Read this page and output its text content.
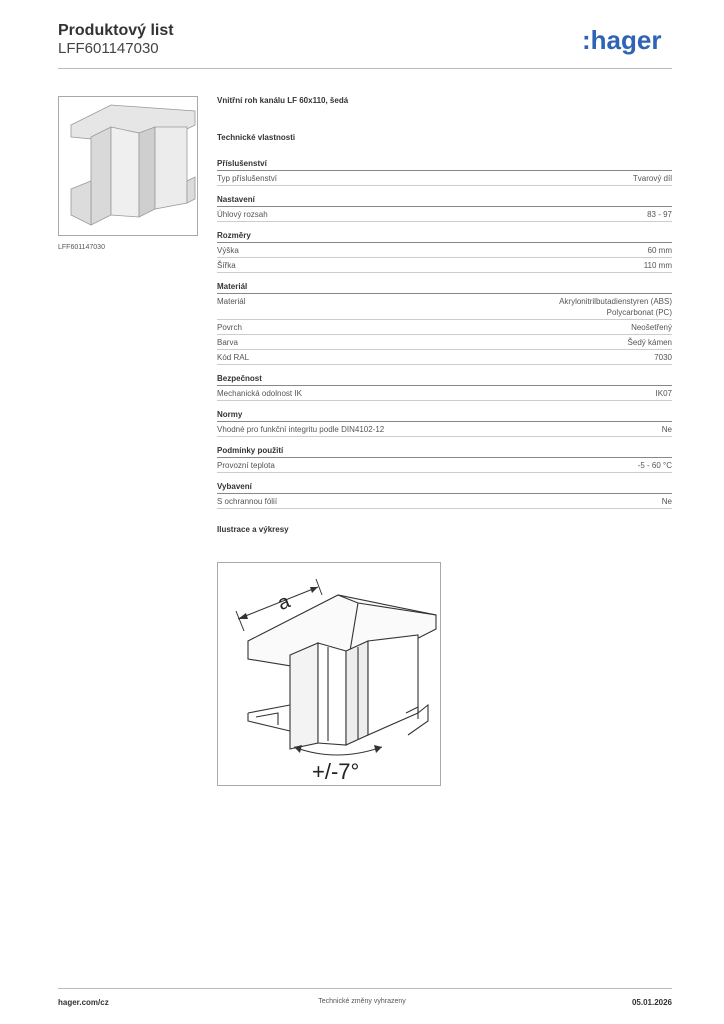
Produktový list
LFF601147030	:hager
LFF601147030
Vnitřní roh kanálu LF 60x110, šedá
Technické vlastnosti
Příslušenství
Typ příslušenství	Tvarový díl
Nastavení
Úhlový rozsah	83 - 97
Rozměry
Výška	60 mm
Šířka	110 mm
Materiál
Materiál	Akrylonitrilbutadienstyren (ABS)
Polycarbonat (PC)
Povrch	Neošetřený
Barva	Šedý kámen
Kód RAL	7030
Bezpečnost
Mechanická odolnost IK	IK07
Normy
Vhodné pro funkční integritu podle DIN4102-12	Ne
Podmínky použití
Provozní teplota	-5 - 60 °C
Vybavení
S ochrannou fólií	Ne
Ilustrace a výkresy
a
+/-7°
hager.com/cz	Technické změny vyhrazeny	05.01.2026
